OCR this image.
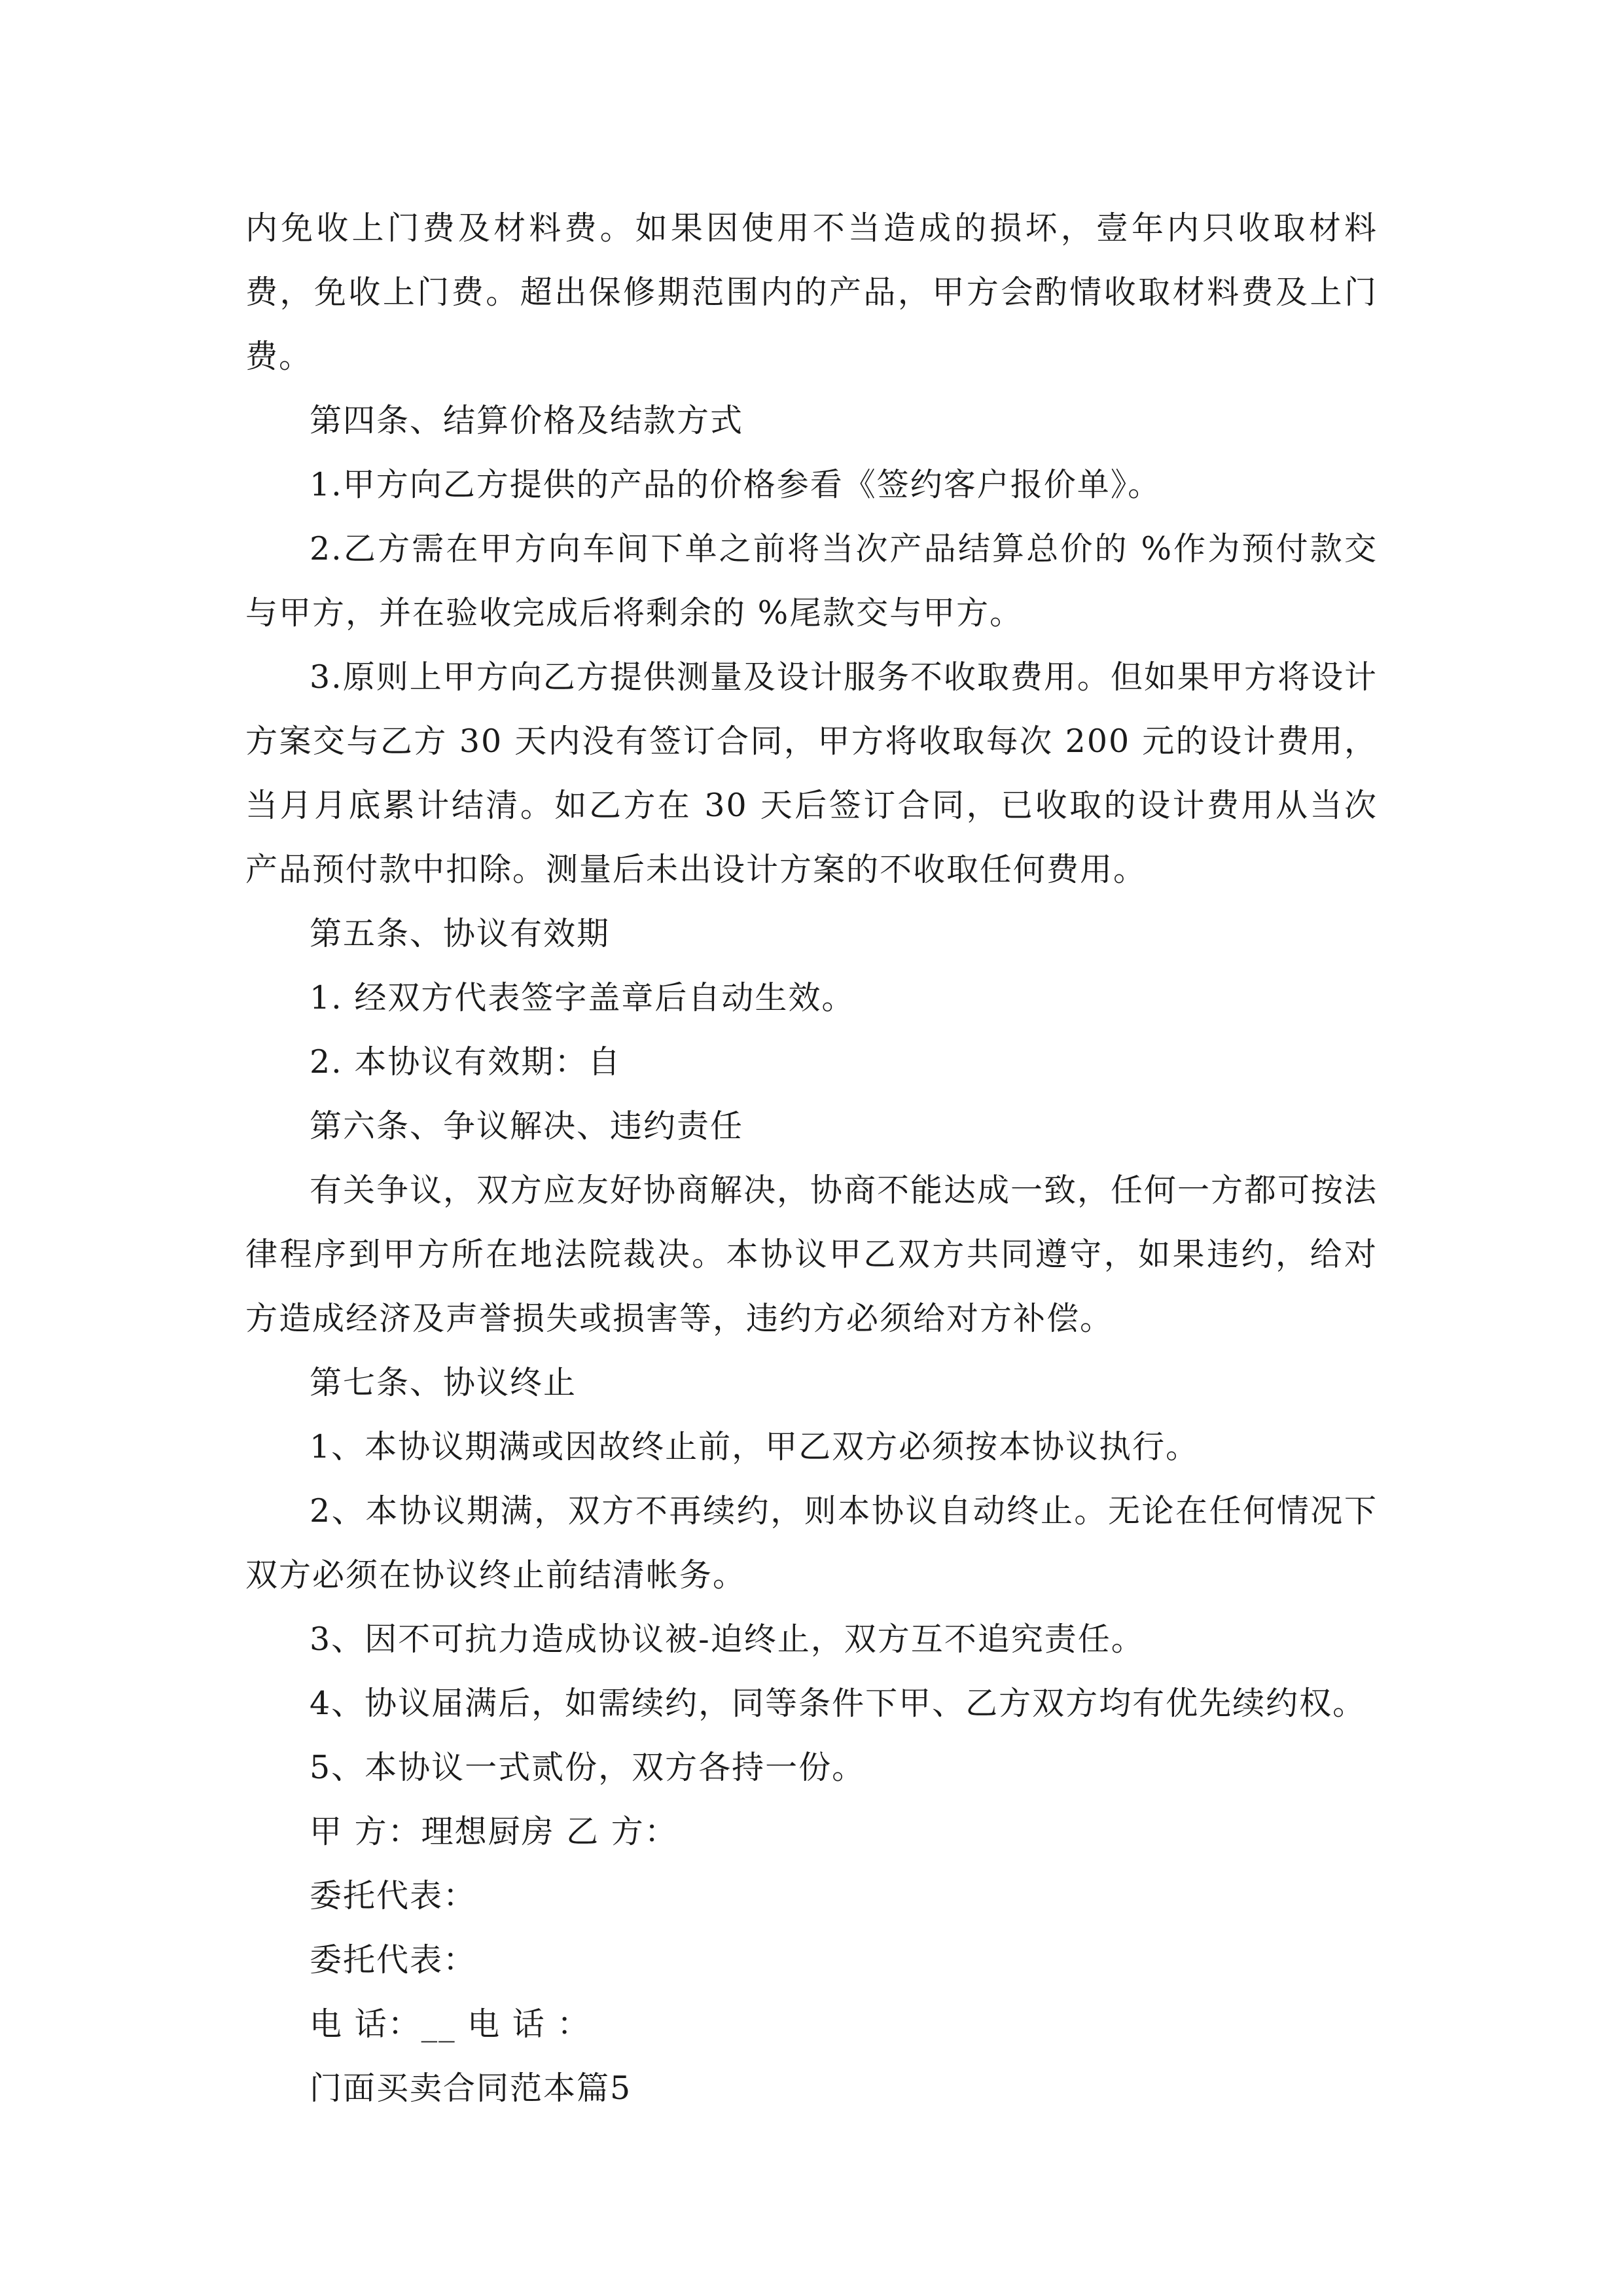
内免收上门费及材料费。如果因使用不当造成的损坏，壹年内只收取材料费，免收上门费。超出保修期范围内的产品，甲方会酌情收取材料费及上门费。

第四条、结算价格及结款方式

1.甲方向乙方提供的产品的价格参看《签约客户报价单》。

2.乙方需在甲方向车间下单之前将当次产品结算总价的 %作为预付款交与甲方，并在验收完成后将剩余的 %尾款交与甲方。

3.原则上甲方向乙方提供测量及设计服务不收取费用。但如果甲方将设计方案交与乙方 30 天内没有签订合同，甲方将收取每次 200 元的设计费用，当月月底累计结清。如乙方在 30 天后签订合同，已收取的设计费用从当次产品预付款中扣除。测量后未出设计方案的不收取任何费用。

第五条、协议有效期

1. 经双方代表签字盖章后自动生效。

2. 本协议有效期：自

第六条、争议解决、违约责任

有关争议，双方应友好协商解决，协商不能达成一致，任何一方都可按法律程序到甲方所在地法院裁决。本协议甲乙双方共同遵守，如果违约，给对方造成经济及声誉损失或损害等，违约方必须给对方补偿。

第七条、协议终止

1、本协议期满或因故终止前，甲乙双方必须按本协议执行。

2、本协议期满，双方不再续约，则本协议自动终止。无论在任何情况下双方必须在协议终止前结清帐务。

3、因不可抗力造成协议被-迫终止，双方互不追究责任。

4、协议届满后，如需续约，同等条件下甲、乙方双方均有优先续约权。

5、本协议一式贰份，双方各持一份。

甲 方：理想厨房 乙 方：

委托代表：

委托代表：

电 话：__ 电 话 ：

门面买卖合同范本篇5
